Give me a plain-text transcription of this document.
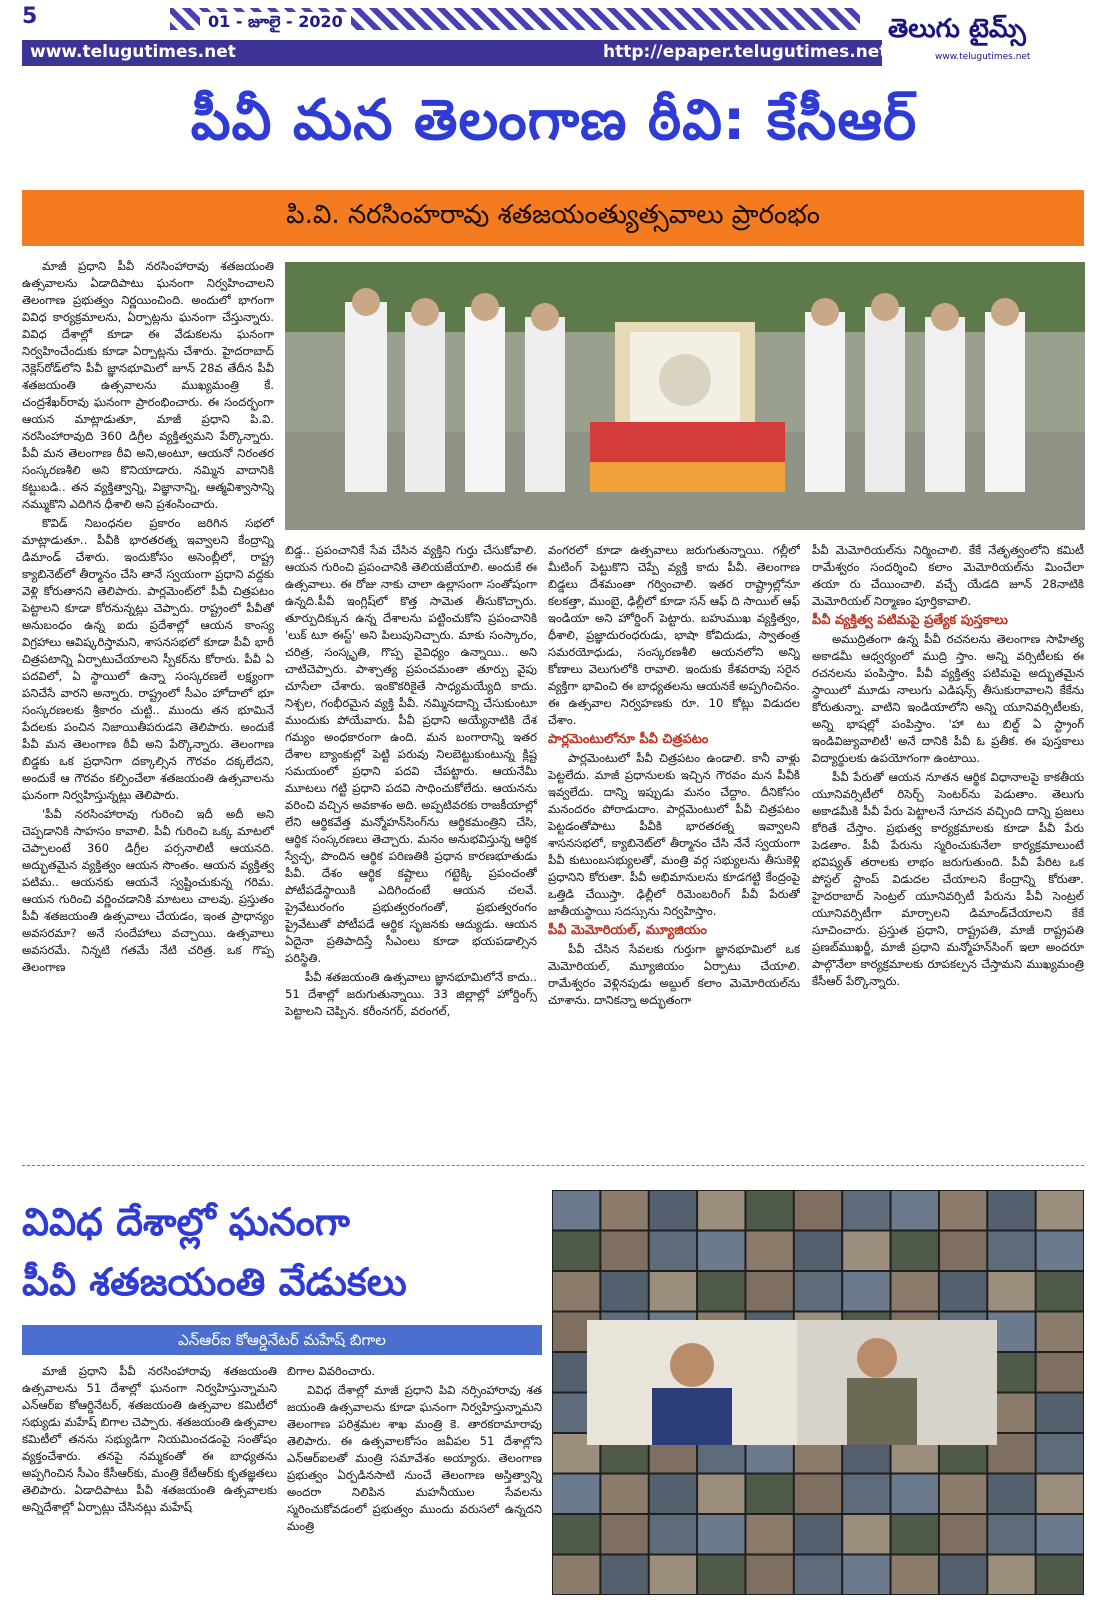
5	01 - జూలై - 2020
www.telugutimes.net	http://epaper.telugutimes.net
తెలుగు టైమ్స్
www.telugutimes.net
పీవీ మన తెలంగాణ ఠీవి: కేసీఆర్
పి.వి. నరసింహరావు శతజయంత్యుత్సవాలు ప్రారంభం

మాజీ ప్రధాని పీవీ నరసింహారావు శతజయంతి ఉత్సవాలను ఏడాదిపాటు ఘనంగా నిర్వహించాలని తెలంగాణ ప్రభుత్వం నిర్ణయించింది. అందులో భాగంగా వివిధ కార్యక్రమాలను, ఏర్పాట్లను ఘనంగా చేస్తున్నారు. వివిధ దేశాల్లో కూడా ఈ వేడుకలను ఘనంగా నిర్వహించేందుకు కూడా ఏర్పాట్లను చేశారు. హైదరాబాద్ నెక్లెస్‌రోడ్‌లోని పీవీ జ్ఞానభూమిలో జూన్ 28వ తేదీన పీవీ శతజయంతి ఉత్సవాలను ముఖ్యమంత్రి కే. చంద్రశేఖర్‌రావు ఘనంగా ప్రారంభించారు. ఈ సందర్భంగా ఆయన మాట్లాడుతూ, మాజీ ప్రధాని పి.వి. నరసింహారావుది 360 డిగ్రీల వ్యక్తిత్వమని పేర్కొన్నారు. పీవీ మన తెలంగాణ ఠీవి అని,అంటూ, ఆయనో నిరంతర సంస్కరణశీలి అని కొనియాడారు. నమ్మిన వాదానికి కట్టుబడి.. తన వ్యక్తిత్వాన్ని, విజ్ఞానాన్ని, ఆత్మవిశ్వాసాన్ని నమ్ముకొని ఎదిగిన ధీశాలి అని ప్రశంసించారు.

కొవిడ్ నిబంధనల ప్రకారం జరిగిన సభలో మాట్లాడుతూ.. పీవీకి భారతరత్న ఇవ్వాలని కేంద్రాన్ని డిమాండ్ చేశారు. ఇందుకోసం అసెంబ్లీలో, రాష్ట్ర క్యాబినెట్‌లో తీర్మానం చేసి తానే స్వయంగా ప్రధాని వద్దకు వెళ్లి కోరుతానని తెలిపారు. పార్లమెంట్‌లో పీవీ చిత్రపటం పెట్టాలని కూడా కోరనున్నట్లు చెప్పారు. రాష్ట్రంలో పీవీతో అనుబంధం ఉన్న ఐదు ప్రదేశాల్లో ఆయన కాంస్య విగ్రహాలు ఆవిష్కరిస్తామని, శాసనసభలో కూడా పీవీ భారీ చిత్రపటాన్ని ఏర్పాటుచేయాలని స్పీకర్‌ను కోరారు. పీవీ ఏ పదవిలో, ఏ స్థాయిలో ఉన్నా సంస్కరణలే లక్ష్యంగా పనిచేసే వారని అన్నారు. రాష్ట్రంలో సీఎం హోదాలో భూ సంస్కరణలకు శ్రీకారం చుట్టి.. ముందు తన భూమినే పేదలకు పంచిన నిజాయితీపరుడని తెలిపారు. అందుకే పీవీ మన తెలంగాణ ఠీవీ అని పేర్కొన్నారు. తెలంగాణ బిడ్డకు ఒక ప్రధానిగా దక్కాల్సిన గౌరవం దక్కలేదని, అందుకే ఆ గౌరవం కల్పించేలా శతజయంతి ఉత్సవాలను ఘనంగా నిర్వహిస్తున్నట్లు తెలిపారు.

'పీవీ నరసింహారావు గురించి ఇదీ అదీ అని చెప్పడానికి సాహసం కావాలి. పీవీ గురించి ఒక్క మాటలో చెప్పాలంటే 360 డిగ్రీల పర్సనాలిటీ ఆయనది. అద్భుతమైన వ్యక్తిత్వం ఆయన సొంతం. ఆయన వ్యక్తిత్వ పటిమ.. ఆయనకు ఆయనే స్వష్టించుకున్న గరిమ. ఆయన గురించి వర్ణించడానికి మాటలు చాలవు. ప్రస్తుతం పీవీ శతజయంతి ఉత్సవాలు చేయడం, ఇంత ప్రాధాన్యం అవసరమా? అనే సందేహాలు వచ్చాయి. ఉత్సవాలు అవసరమే. నిన్నటి గతమే నేటి చరిత్ర. ఒక గొప్ప తెలంగాణ

బిడ్డ.. ప్రపంచానికే సేవ చేసిన వ్యక్తిని గుర్తు చేసుకోవాలి. ఆయన గురించి ప్రపంచానికి తెలియజేయాలి. అందుకే ఈ ఉత్సవాలు. ఈ రోజు నాకు చాలా ఉల్లాసంగా సంతోషంగా ఉన్నది.పీవీ ఇంగ్లిష్‌లో కొత్త సామెత తీసుకొచ్చారు. తూర్పుదిక్కున ఉన్న దేశాలను పట్టించుకోని ప్రపంచానికి 'లుక్ టూ ఈస్ట్' అని పిలుపునిచ్చారు. మాకు సంస్కారం, చరిత్ర, సంస్కృతి, గొప్ప వైవిధ్యం ఉన్నాయి.. అని చాటిచెప్పారు. పాశ్చాత్య ప్రపంచమంతా తూర్పు వైపు చూసేలా చేశారు. ఇంకొకరికైతే సాధ్యమయ్యేది కాదు. నిశ్చల, గంభీరమైన వ్యక్తి పీవీ. నమ్మినదాన్ని చేసుకుంటూ ముందుకు పోయేవారు. పీవీ ప్రధాని అయ్యేనాటికి దేశ గమ్యం అంధకారంగా ఉంది. మన బంగారాన్ని ఇతర దేశాల బ్యాంకుల్లో పెట్టి పరువు నిలబెట్టుకుంటున్న క్లిష్ట సమయంలో ప్రధాని పదవి చేపట్టారు. ఆయనేమీ మూటలు గట్టి ప్రధాని పదవి సాధించుకోలేదు. ఆయనను వరించి వచ్చిన అవకాశం అది. అప్పటివరకు రాజకీయాల్లో లేని ఆర్థికవేత్త మన్మోహన్‌సింగ్‌ను ఆర్థికమంత్రిని చేసి, ఆర్థిక సంస్కరణలు తెచ్చారు. మనం అనుభవిస్తున్న ఆర్థిక స్వేచ్ఛ, పొందిన ఆర్థిక పరిణతికి ప్రధాన కారణభూతుడు పీవీ. దేశం ఆర్థిక కష్టాలు గట్టెక్కి ప్రపంచంతో పోటీపడేస్థాయికి ఎదిగిందంటే ఆయన చలవే. ప్రైవేటురంగం ప్రభుత్వరంగంతో, ప్రభుత్వరంగం ప్రైవేటుతో పోటీపడే ఆర్థిక సృజనకు ఆద్యుడు. ఆయన ఏదైనా ప్రతిపాదిస్తే సీఎంలు కూడా భయపడాల్సిన పరిస్థితి.

పీవీ శతజయంతి ఉత్సవాలు జ్ఞానభూమిలోనే కాదు.. 51 దేశాల్లో జరుగుతున్నాయి. 33 జిల్లాల్లో హోర్డింగ్స్ పెట్టాలని చెప్పిన. కరీంనగర్, వరంగల్,

వంగరలో కూడా ఉత్సవాలు జరుగుతున్నాయి. గల్లీలో మీటింగ్ పెట్టుకొని చెప్పే వ్యక్తి కాదు పీవీ. తెలంగాణ బిడ్డలు దేశమంతా గర్వించాలి. ఇతర రాష్ట్రాల్లోనూ కలకత్తా, ముంబై, ఢిల్లీలో కూడా సన్ ఆఫ్ ది సాయిల్ ఆఫ్ ఇండియా అని హోర్డింగ్ పెట్టారు. బహుముఖ వ్యక్తిత్వం, ధీశాలి, ప్రజ్ఞాదురంధరుడు, భాషా కోవిదుడు, స్వాతంత్ర సమరయోధుడు, సంస్కరణశీలి ఆయనలోని అన్ని కోణాలు వెలుగులోకి రావాలి. ఇందుకు కేశవరావు సరైన వ్యక్తిగా భావించి ఈ బాధ్యతలను ఆయనకే అప్పగించినం. ఈ ఉత్సవాల నిర్వహణకు రూ. 10 కోట్లు విడుదల చేశాం.

పార్లమెంటులోనూ పీవీ చిత్రపటం

పార్లమెంటులో పీవీ చిత్రపటం ఉండాలి. కానీ వాళ్లు పెట్టలేదు. మాజీ ప్రధానులకు ఇచ్చిన గౌరవం మన పీవీకి ఇవ్వలేదు. దాన్ని ఇప్పుడు మనం చేద్దాం. దీనికోసం మనందరం పోరాడుదాం. పార్లమెంటులో పీవీ చిత్రపటం పెట్టడంతోపాటు పీవీకి భారతరత్న ఇవ్వాలని శాసనసభలో, క్యాబినెట్‌లో తీర్మానం చేసి నేనే స్వయంగా పీవీ కుటుంబసభ్యులతో, మంత్రి వర్గ సభ్యులను తీసుకెళ్లి ప్రధానిని కోరుతా. పీవీ అభిమానులను కూడగట్టి కేంద్రంపై ఒత్తిడి చేయిస్తా. ఢిల్లీలో రిమెంబరింగ్ పీవీ పేరుతో జాతీయస్థాయి సదస్సును నిర్వహిస్తాం.

పీవీ మెమోరియల్, మ్యూజియం

పీవీ చేసిన సేవలకు గుర్తుగా జ్ఞానభూమిలో ఒక మెమోరియల్, మ్యూజియం ఏర్పాటు చేయాలి. రామేశ్వరం వెళ్లినపుడు అబ్దుల్ కలాం మెమోరియల్‌ను చూశాను. దానికన్నా అద్భుతంగా

పీవీ మెమోరియల్‌ను నిర్మించాలి. కేకే నేతృత్వంలోని కమిటీ రామేశ్వరం సందర్శించి కలాం మెమోరియల్‌ను మించేలా తయా రు చేయించాలి. వచ్చే యేడది జూన్ 28నాటికి మెమోరియల్ నిర్మాణం పూర్తికావాలి.

పీవీ వ్యక్తిత్వ పటిమపై ప్రత్యేక పుస్తకాలు

అముద్రితంగా ఉన్న పీవీ రచనలను తెలంగాణ సాహిత్య అకాడమీ ఆధ్వర్యంలో ముద్రి స్తాం. అన్ని వర్సిటీలకు ఈ రచనలను పంపిస్తాం. పీవీ వ్యక్తిత్వ పటిమపై అద్భుతమైన స్థాయిలో మూడు నాలుగు ఎడిషన్స్ తీసుకురావాలని కేకేను కోరుతున్నా. వాటిని ఇండియాలోని అన్ని యూనివర్సిటీలకు, అన్ని భాషల్లో పంపిస్తాం. 'హా టు బిల్డ్ ఏ స్ట్రాంగ్ ఇండివిజ్యువాలిటీ' అనే దానికి పీవీ ఓ ప్రతీక. ఈ పుస్తకాలు విద్యార్థులకు ఉపయోగంగా ఉంటాయి.

పీవీ పేరుతో ఆయన నూతన ఆర్థిక విధానాలపై కాకతీయ యూనివర్సిటీలో రిసెర్చ్ సెంటర్‌ను పెడుతాం. తెలుగు అకాడమీకి పీవీ పేరు పెట్టాలనే సూచన వచ్చింది దాన్ని ప్రజలు కోరితే చేస్తాం. ప్రభుత్వ కార్యక్రమాలకు కూడా పీవీ పేరు పెడతాం. పీవీ పేరును స్మరించుకునేలా కార్యక్రమాలుంటే భవిష్యత్ తరాలకు లాభం జరుగుతుంది. పీవీ పేరిట ఒక పోస్టల్ స్టాంప్ విడుదల చేయాలని కేంద్రాన్ని కోరుతా. హైదరాబాద్ సెంట్రల్ యూనివర్సిటీ పేరును పీవీ సెంట్రల్ యూనివర్సిటీగా మార్చాలని డిమాండ్‌చేయాలని కేకే సూచించారు. ప్రస్తుత ప్రధాని, రాష్ట్రపతి, మాజీ రాష్ట్రపతి ప్రణబ్‌ముఖర్జీ, మాజీ ప్రధాని మన్మోహన్‌సింగ్ ఇలా అందరూ పాల్గొనేలా కార్యక్రమాలకు రూపకల్పన చేస్తామని ముఖ్యమంత్రి కేసీఆర్ పేర్కొన్నారు.

వివిధ దేశాల్లో ఘనంగా
పీవీ శతజయంతి వేడుకలు
ఎన్ఆర్ఐ కోఆర్డినేటర్ మహేష్ బిగాల

మాజీ ప్రధాని పీవీ నరసింహారావు శతజయంతి ఉత్సవాలను 51 దేశాల్లో ఘనంగా నిర్వహిస్తున్నామని ఎన్ఆర్ఐ కోఆర్డినేటర్, శతజయంతి ఉత్సవాల కమిటీలో సభ్యుడు మహేష్ బిగాల చెప్పారు. శతజయంతి ఉత్సవాల కమిటీలో తనను సభ్యుడిగా నియమించడంపై సంతోషం వ్యక్తంచేశారు. తనపై నమ్మకంతో ఈ బాధ్యతను అప్పగించిన సీఎం కేసీఆర్‌కు, మంత్రి కేటీఆర్‌కు కృతజ్ఞతలు తెలిపారు. ఏడాదిపాటు పీవీ శతజయంతి ఉత్సవాలకు అన్నిదేశాల్లో ఏర్పాట్లు చేసినట్లు మహేష్

బిగాల వివరించారు.

వివిధ దేశాల్లో మాజీ ప్రధాని పివి నర్సింహారావు శత జయంతి ఉత్సవాలను కూడా ఘనంగా నిర్వహిస్తున్నామని తెలంగాణ పరిశ్రమల శాఖ మంత్రి కె. తారకరామారావు తెలిపారు. ఈ ఉత్సవాలకోసం జవీపల 51 దేశాల్లోని ఎన్ఆర్ఐలతో మంత్రి సమావేశం అయ్యారు. తెలంగాణ ప్రభుత్వం ఏర్పడినసాటి నుంచే తెలంగాణ అస్తిత్వాన్ని అందరా నిలిపిన మహనీయుల సేవలను స్మరించుకోవడంలో ప్రభుత్వం ముందు వరుసలో ఉన్నదని మంత్రి
